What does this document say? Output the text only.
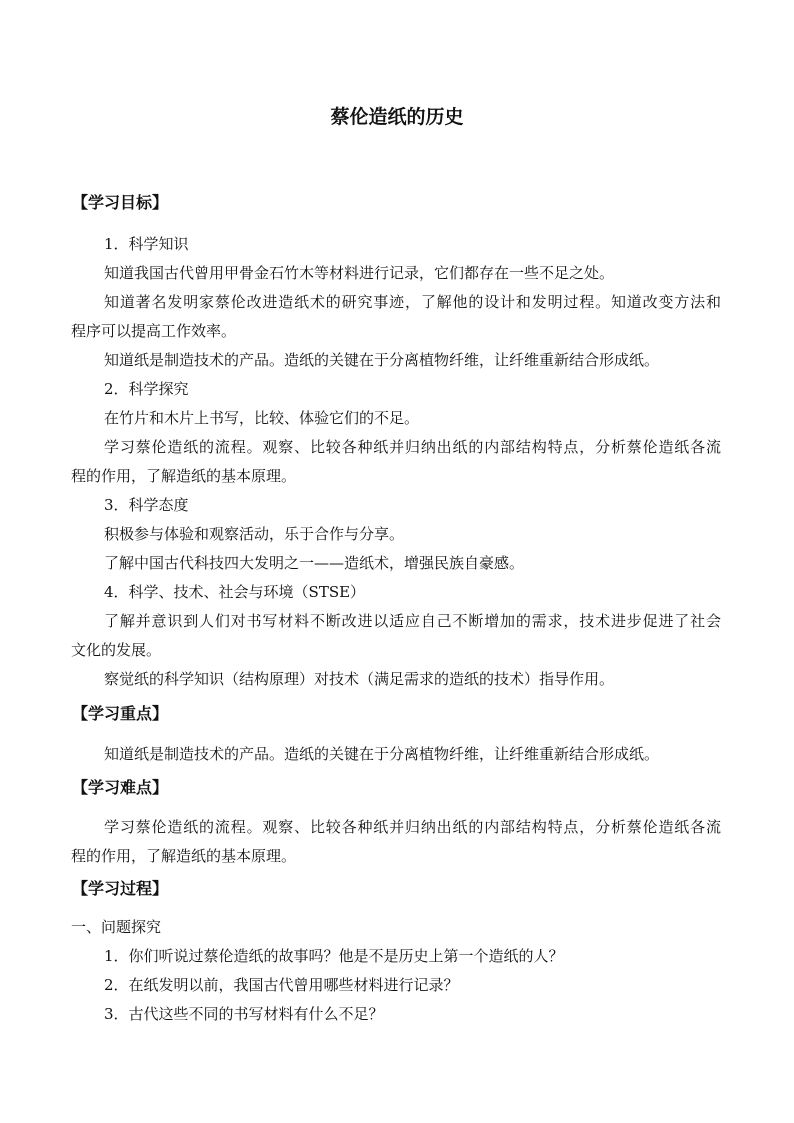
蔡伦造纸的历史
【学习目标】
1．科学知识
知道我国古代曾用甲骨金石竹木等材料进行记录，它们都存在一些不足之处。
知道著名发明家蔡伦改进造纸术的研究事迹，了解他的设计和发明过程。知道改变方法和
程序可以提高工作效率。
知道纸是制造技术的产品。造纸的关键在于分离植物纤维，让纤维重新结合形成纸。
2．科学探究
在竹片和木片上书写，比较、体验它们的不足。
学习蔡伦造纸的流程。观察、比较各种纸并归纳出纸的内部结构特点，分析蔡伦造纸各流
程的作用，了解造纸的基本原理。
3．科学态度
积极参与体验和观察活动，乐于合作与分享。
了解中国古代科技四大发明之一——造纸术，增强民族自豪感。
4．科学、技术、社会与环境（STSE）
了解并意识到人们对书写材料不断改进以适应自己不断增加的需求，技术进步促进了社会
文化的发展。
察觉纸的科学知识（结构原理）对技术（满足需求的造纸的技术）指导作用。
【学习重点】
知道纸是制造技术的产品。造纸的关键在于分离植物纤维，让纤维重新结合形成纸。
【学习难点】
学习蔡伦造纸的流程。观察、比较各种纸并归纳出纸的内部结构特点，分析蔡伦造纸各流
程的作用，了解造纸的基本原理。
【学习过程】
一、问题探究
1．你们听说过蔡伦造纸的故事吗？他是不是历史上第一个造纸的人？
2．在纸发明以前，我国古代曾用哪些材料进行记录？
3．古代这些不同的书写材料有什么不足？
